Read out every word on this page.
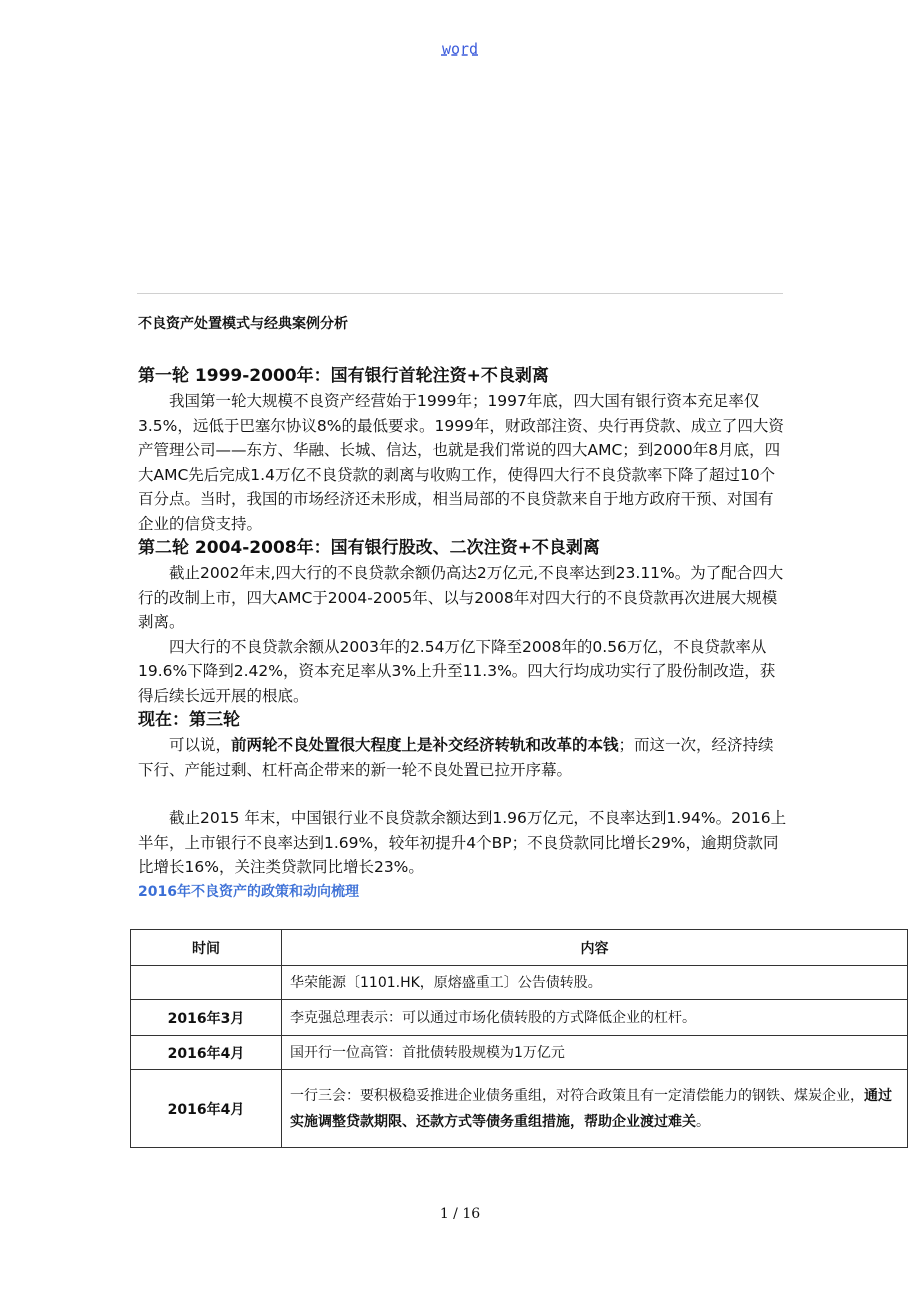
word
不良资产处置模式与经典案例分析

第一轮 1999-2000年：国有银行首轮注资+不良剥离

我国第一轮大规模不良资产经营始于1999年；1997年底，四大国有银行资本充足率仅3.5%，远低于巴塞尔协议8%的最低要求。1999年，财政部注资、央行再贷款、成立了四大资产管理公司——东方、华融、长城、信达，也就是我们常说的四大AMC；到2000年8月底，四大AMC先后完成1.4万亿不良贷款的剥离与收购工作，使得四大行不良贷款率下降了超过10个百分点。当时，我国的市场经济还未形成，相当局部的不良贷款来自于地方政府干预、对国有企业的信贷支持。

第二轮 2004-2008年：国有银行股改、二次注资+不良剥离

截止2002年末,四大行的不良贷款余额仍高达2万亿元,不良率达到23.11%。为了配合四大行的改制上市，四大AMC于2004-2005年、以与2008年对四大行的不良贷款再次进展大规模剥离。

四大行的不良贷款余额从2003年的2.54万亿下降至2008年的0.56万亿，不良贷款率从19.6%下降到2.42%，资本充足率从3%上升至11.3%。四大行均成功实行了股份制改造，获得后续长远开展的根底。

现在：第三轮

可以说，前两轮不良处置很大程度上是补交经济转轨和改革的本钱；而这一次，经济持续下行、产能过剩、杠杆高企带来的新一轮不良处置已拉开序幕。

截止2015 年末，中国银行业不良贷款余额达到1.96万亿元，不良率达到1.94%。2016上半年，上市银行不良率达到1.69%，较年初提升4个BP；不良贷款同比增长29%，逾期贷款同比增长16%，关注类贷款同比增长23%。

2016年不良资产的政策和动向梳理

时间	内容
	华荣能源〔1101.HK，原熔盛重工〕公告债转股。
2016年3月	李克强总理表示：可以通过市场化债转股的方式降低企业的杠杆。
2016年4月	国开行一位高管：首批债转股规模为1万亿元
2016年4月	一行三会：要积极稳妥推进企业债务重组，对符合政策且有一定清偿能力的钢铁、煤炭企业，通过实施调整贷款期限、还款方式等债务重组措施，帮助企业渡过难关。
1 / 16
